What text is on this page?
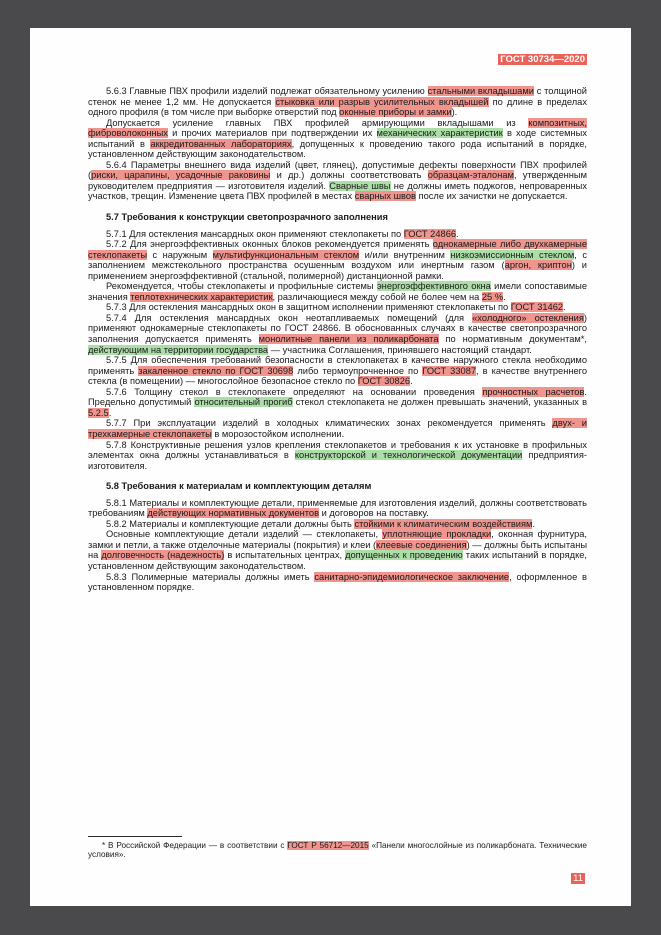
ГОСТ 30734—2020

5.6.3 Главные ПВХ профили изделий подлежат обязательному усилению стальными вкладышами с толщиной стенок не менее 1,2 мм. Не допускается стыковка или разрыв усилительных вкладышей по длине в пределах одного профиля (в том числе при выборке отверстий под оконные приборы и замки).

Допускается усиление главных ПВХ профилей армирующими вкладышами из композитных, фиброволоконных и прочих материалов при подтверждении их механических характеристик в ходе системных испытаний в аккредитованных лабораториях, допущенных к проведению такого рода испытаний в порядке, установленном действующим законодательством.

5.6.4 Параметры внешнего вида изделий (цвет, глянец), допустимые дефекты поверхности ПВХ профилей (риски, царапины, усадочные раковины и др.) должны соответствовать образцам-эталонам, утвержденным руководителем предприятия — изготовителя изделий. Сварные швы не должны иметь поджогов, непроваренных участков, трещин. Изменение цвета ПВХ профилей в местах сварных швов после их зачистки не допускается.

5.7 Требования к конструкции светопрозрачного заполнения

5.7.1 Для остекления мансардных окон применяют стеклопакеты по ГОСТ 24866.

5.7.2 Для энергоэффективных оконных блоков рекомендуется применять однокамерные либо двухкамерные стеклопакеты с наружным мультифункциональным стеклом и/или внутренним низкоэмиссионным стеклом, с заполнением межстекольного пространства осушенным воздухом или инертным газом (аргон, криптон) и применением энергоэффективной (стальной, полимерной) дистанционной рамки.

Рекомендуется, чтобы стеклопакеты и профильные системы энергоэффективного окна имели сопоставимые значения теплотехнических характеристик, различающиеся между собой не более чем на 25 %.

5.7.3 Для остекления мансардных окон в защитном исполнении применяют стеклопакеты по ГОСТ 31462.

5.7.4 Для остекления мансардных окон неотапливаемых помещений (для «холодного» остекления) применяют однокамерные стеклопакеты по ГОСТ 24866. В обоснованных случаях в качестве светопрозрачного заполнения допускается применять монолитные панели из поликарбоната по нормативным документам*, действующим на территории государства — участника Соглашения, принявшего настоящий стандарт.

5.7.5 Для обеспечения требований безопасности в стеклопакетах в качестве наружного стекла необходимо применять закаленное стекло по ГОСТ 30698 либо термоупрочненное по ГОСТ 33087, в качестве внутреннего стекла (в помещении) — многослойное безопасное стекло по ГОСТ 30826.

5.7.6 Толщину стекол в стеклопакете определяют на основании проведения прочностных расчетов. Предельно допустимый относительный прогиб стекол стеклопакета не должен превышать значений, указанных в 5.2.5.

5.7.7 При эксплуатации изделий в холодных климатических зонах рекомендуется применять двух- и трехкамерные стеклопакеты в морозостойком исполнении.

5.7.8 Конструктивные решения узлов крепления стеклопакетов и требования к их установке в профильных элементах окна должны устанавливаться в конструкторской и технологической документации предприятия-изготовителя.

5.8 Требования к материалам и комплектующим деталям

5.8.1 Материалы и комплектующие детали, применяемые для изготовления изделий, должны соответствовать требованиям действующих нормативных документов и договоров на поставку.

5.8.2 Материалы и комплектующие детали должны быть стойкими к климатическим воздействиям.

Основные комплектующие детали изделий — стеклопакеты, уплотняющие прокладки, оконная фурнитура, замки и петли, а также отделочные материалы (покрытия) и клеи (клеевые соединения) — должны быть испытаны на долговечность (надежность) в испытательных центрах, допущенных к проведению таких испытаний в порядке, установленном действующим законодательством.

5.8.3 Полимерные материалы должны иметь санитарно-эпидемиологическое заключение, оформленное в установленном порядке.

* В Российской Федерации — в соответствии с ГОСТ Р 56712—2015 «Панели многослойные из поликарбоната. Технические условия».

11
